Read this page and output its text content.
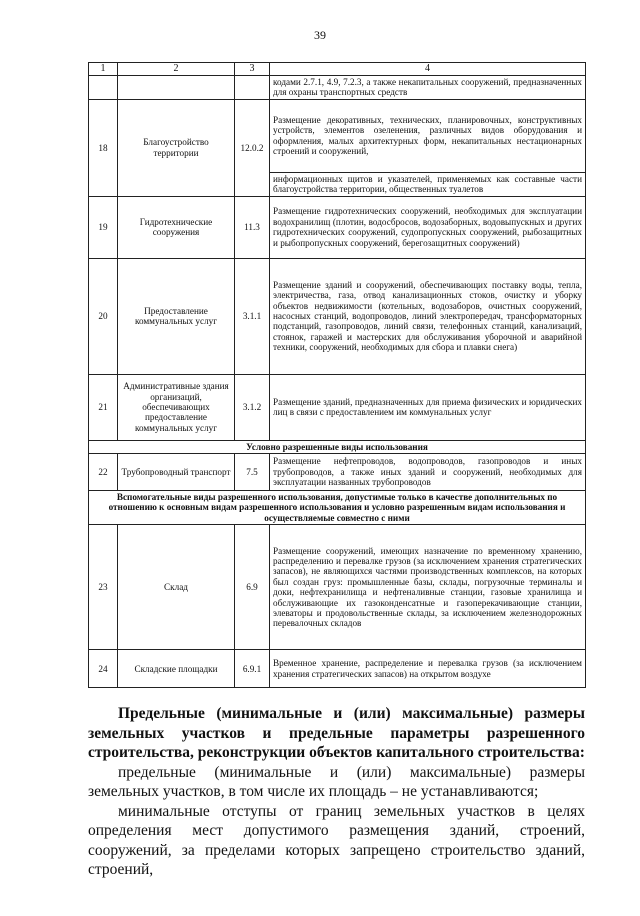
39
1	2	3	4
			кодами 2.7.1, 4.9, 7.2.3, а также некапитальных сооружений, предназначенных для охраны транспортных средств
18	Благоустройство территории	12.0.2	Размещение декоративных, технических, планировочных, конструктивных устройств, элементов озеленения, различных видов оборудования и оформления, малых архитектурных форм, некапитальных нестационарных строений и сооружений,
			информационных щитов и указателей, применяемых как составные части благоустройства территории, общественных туалетов
19	Гидротехнические сооружения	11.3	Размещение гидротехнических сооружений, необходимых для эксплуатации водохранилищ (плотин, водосбросов, водозаборных, водовыпускных и других гидротехнических сооружений, судопропускных сооружений, рыбозащитных и рыбопропускных сооружений, берегозащитных сооружений)
20	Предоставление коммунальных услуг	3.1.1	Размещение зданий и сооружений, обеспечивающих поставку воды, тепла, электричества, газа, отвод канализационных стоков, очистку и уборку объектов недвижимости (котельных, водозаборов, очистных сооружений, насосных станций, водопроводов, линий электропередач, трансформаторных подстанций, газопроводов, линий связи, телефонных станций, канализаций, стоянок, гаражей и мастерских для обслуживания уборочной и аварийной техники, сооружений, необходимых для сбора и плавки снега)
21	Административные здания организаций, обеспечивающих предоставление коммунальных услуг	3.1.2	Размещение зданий, предназначенных для приема физических и юридических лиц в связи с предоставлением им коммунальных услуг
Условно разрешенные виды использования			
22	Трубопроводный транспорт	7.5	Размещение нефтепроводов, водопроводов, газопроводов и иных трубопроводов, а также иных зданий и сооружений, необходимых для эксплуатации названных трубопроводов
Вспомогательные виды разрешенного использования, допустимые только в качестве дополнительных по отношению к основным видам разрешенного использования и условно разрешенным видам использования и осуществляемые совместно с ними			
23	Склад	6.9	Размещение сооружений, имеющих назначение по временному хранению, распределению и перевалке грузов (за исключением хранения стратегических запасов), не являющихся частями производственных комплексов, на которых был создан груз: промышленные базы, склады, погрузочные терминалы и доки, нефтехранилища и нефтеналивные станции, газовые хранилища и обслуживающие их газоконденсатные и газоперекачивающие станции, элеваторы и продовольственные склады, за исключением железнодорожных перевалочных складов
24	Складские площадки	6.9.1	Временное хранение, распределение и перевалка грузов (за исключением хранения стратегических запасов) на открытом воздухе

Предельные (минимальные и (или) максимальные) размеры земельных участков и предельные параметры разрешенного строительства, реконструкции объектов капитального строительства:

предельные (минимальные и (или) максимальные) размеры земельных участков, в том числе их площадь – не устанавливаются;

минимальные отступы от границ земельных участков в целях определения мест допустимого размещения зданий, строений, сооружений, за пределами которых запрещено строительство зданий, строений,
